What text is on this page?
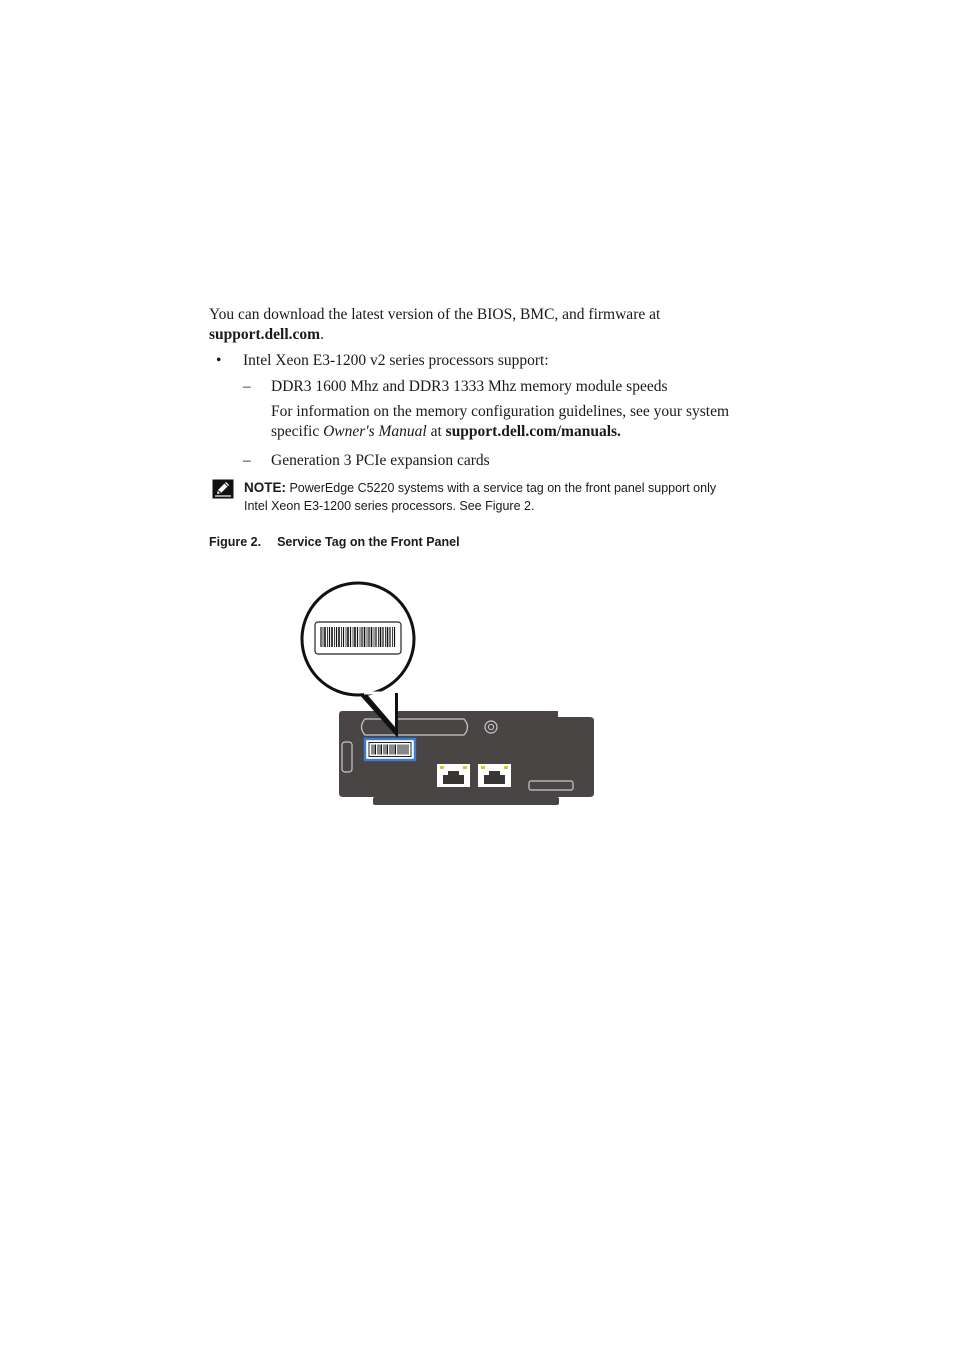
You can download the latest version of the BIOS, BMC, and firmware at
support.dell.com.
• Intel Xeon E3-1200 v2 series processors support:
– DDR3 1600 Mhz and DDR3 1333 Mhz memory module speeds
For information on the memory configuration guidelines, see your system
specific Owner's Manual at support.dell.com/manuals.
– Generation 3 PCIe expansion cards
NOTE: PowerEdge C5220 systems with a service tag on the front panel support only
Intel Xeon E3-1200 series processors. See Figure 2.
Figure 2. Service Tag on the Front Panel
